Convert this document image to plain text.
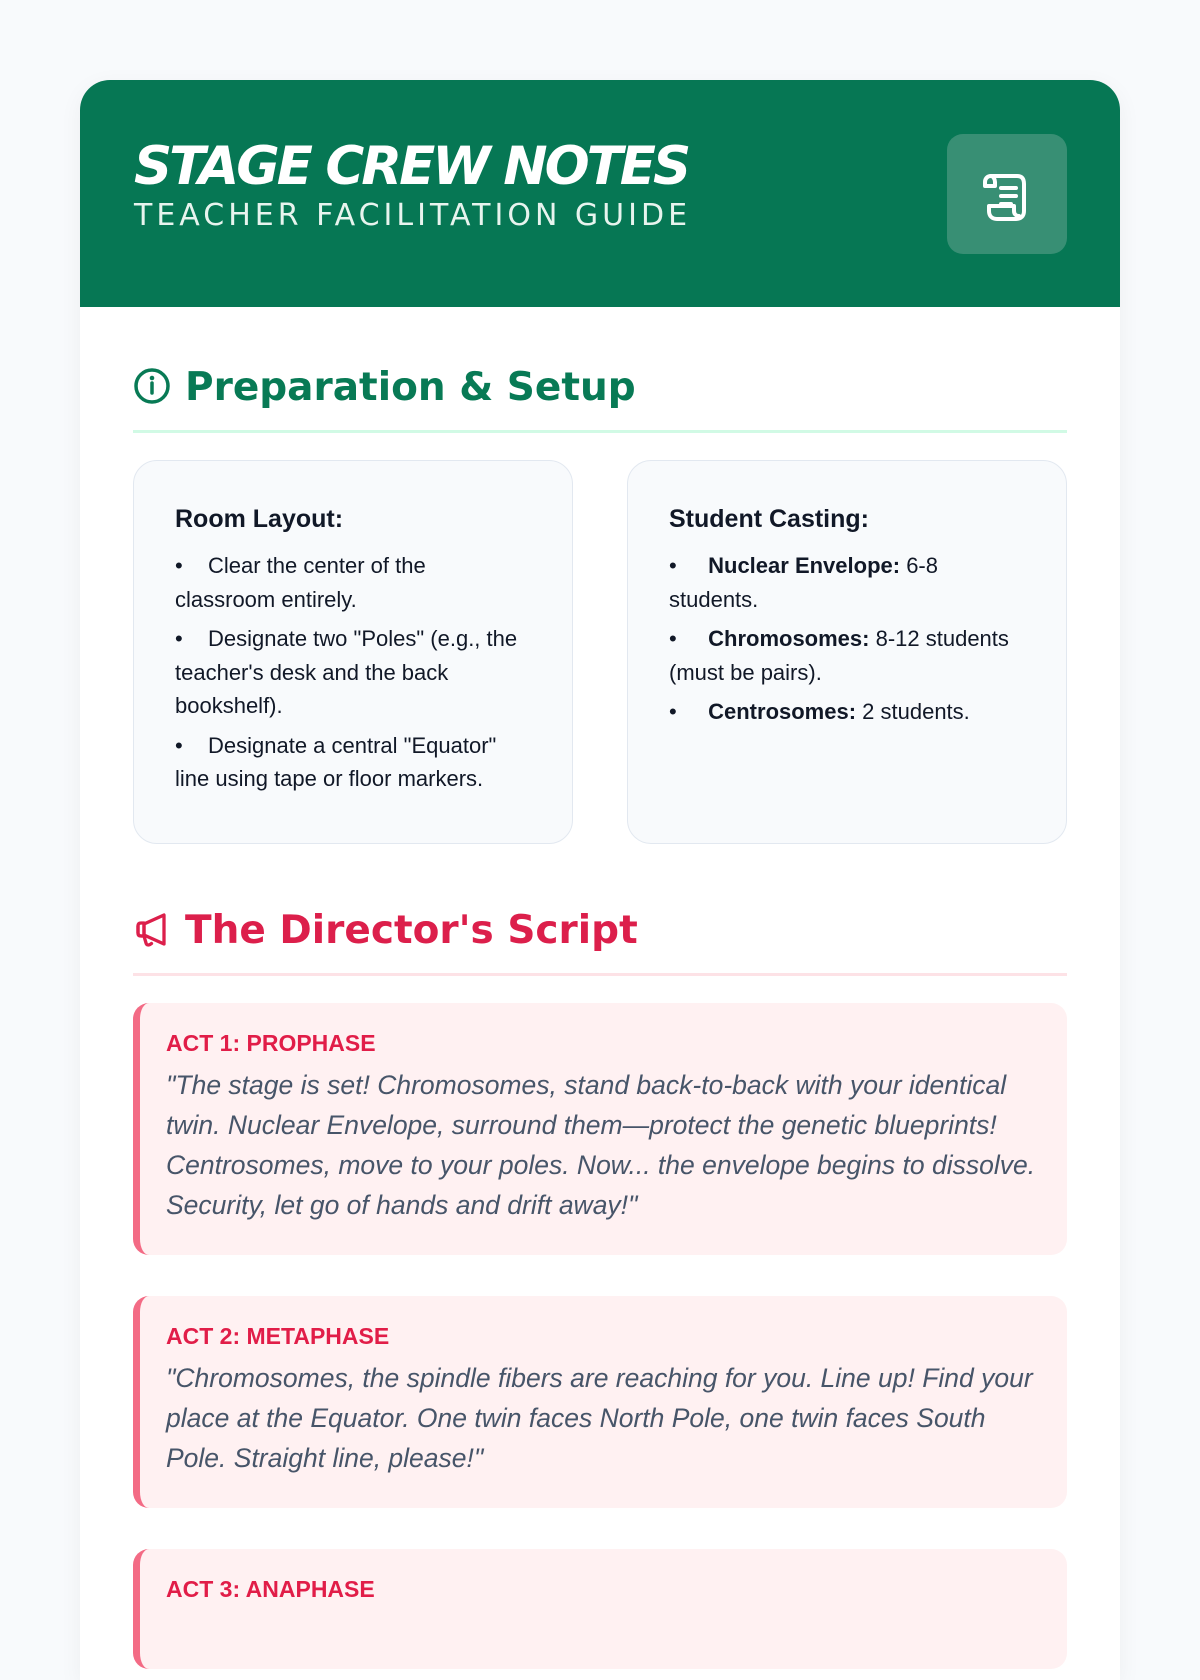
STAGE CREW NOTES
TEACHER FACILITATION GUIDE
Preparation & Setup
Room Layout:
• Clear the center of the classroom entirely.
• Designate two "Poles" (e.g., the teacher's desk and the back bookshelf).
• Designate a central "Equator" line using tape or floor markers.
Student Casting:
• Nuclear Envelope: 6-8 students.
• Chromosomes: 8-12 students (must be pairs).
• Centrosomes: 2 students.
The Director's Script
ACT 1: PROPHASE
"The stage is set! Chromosomes, stand back-to-back with your identical twin. Nuclear Envelope, surround them—protect the genetic blueprints! Centrosomes, move to your poles. Now... the envelope begins to dissolve. Security, let go of hands and drift away!"
ACT 2: METAPHASE
"Chromosomes, the spindle fibers are reaching for you. Line up! Find your place at the Equator. One twin faces North Pole, one twin faces South Pole. Straight line, please!"
ACT 3: ANAPHASE
